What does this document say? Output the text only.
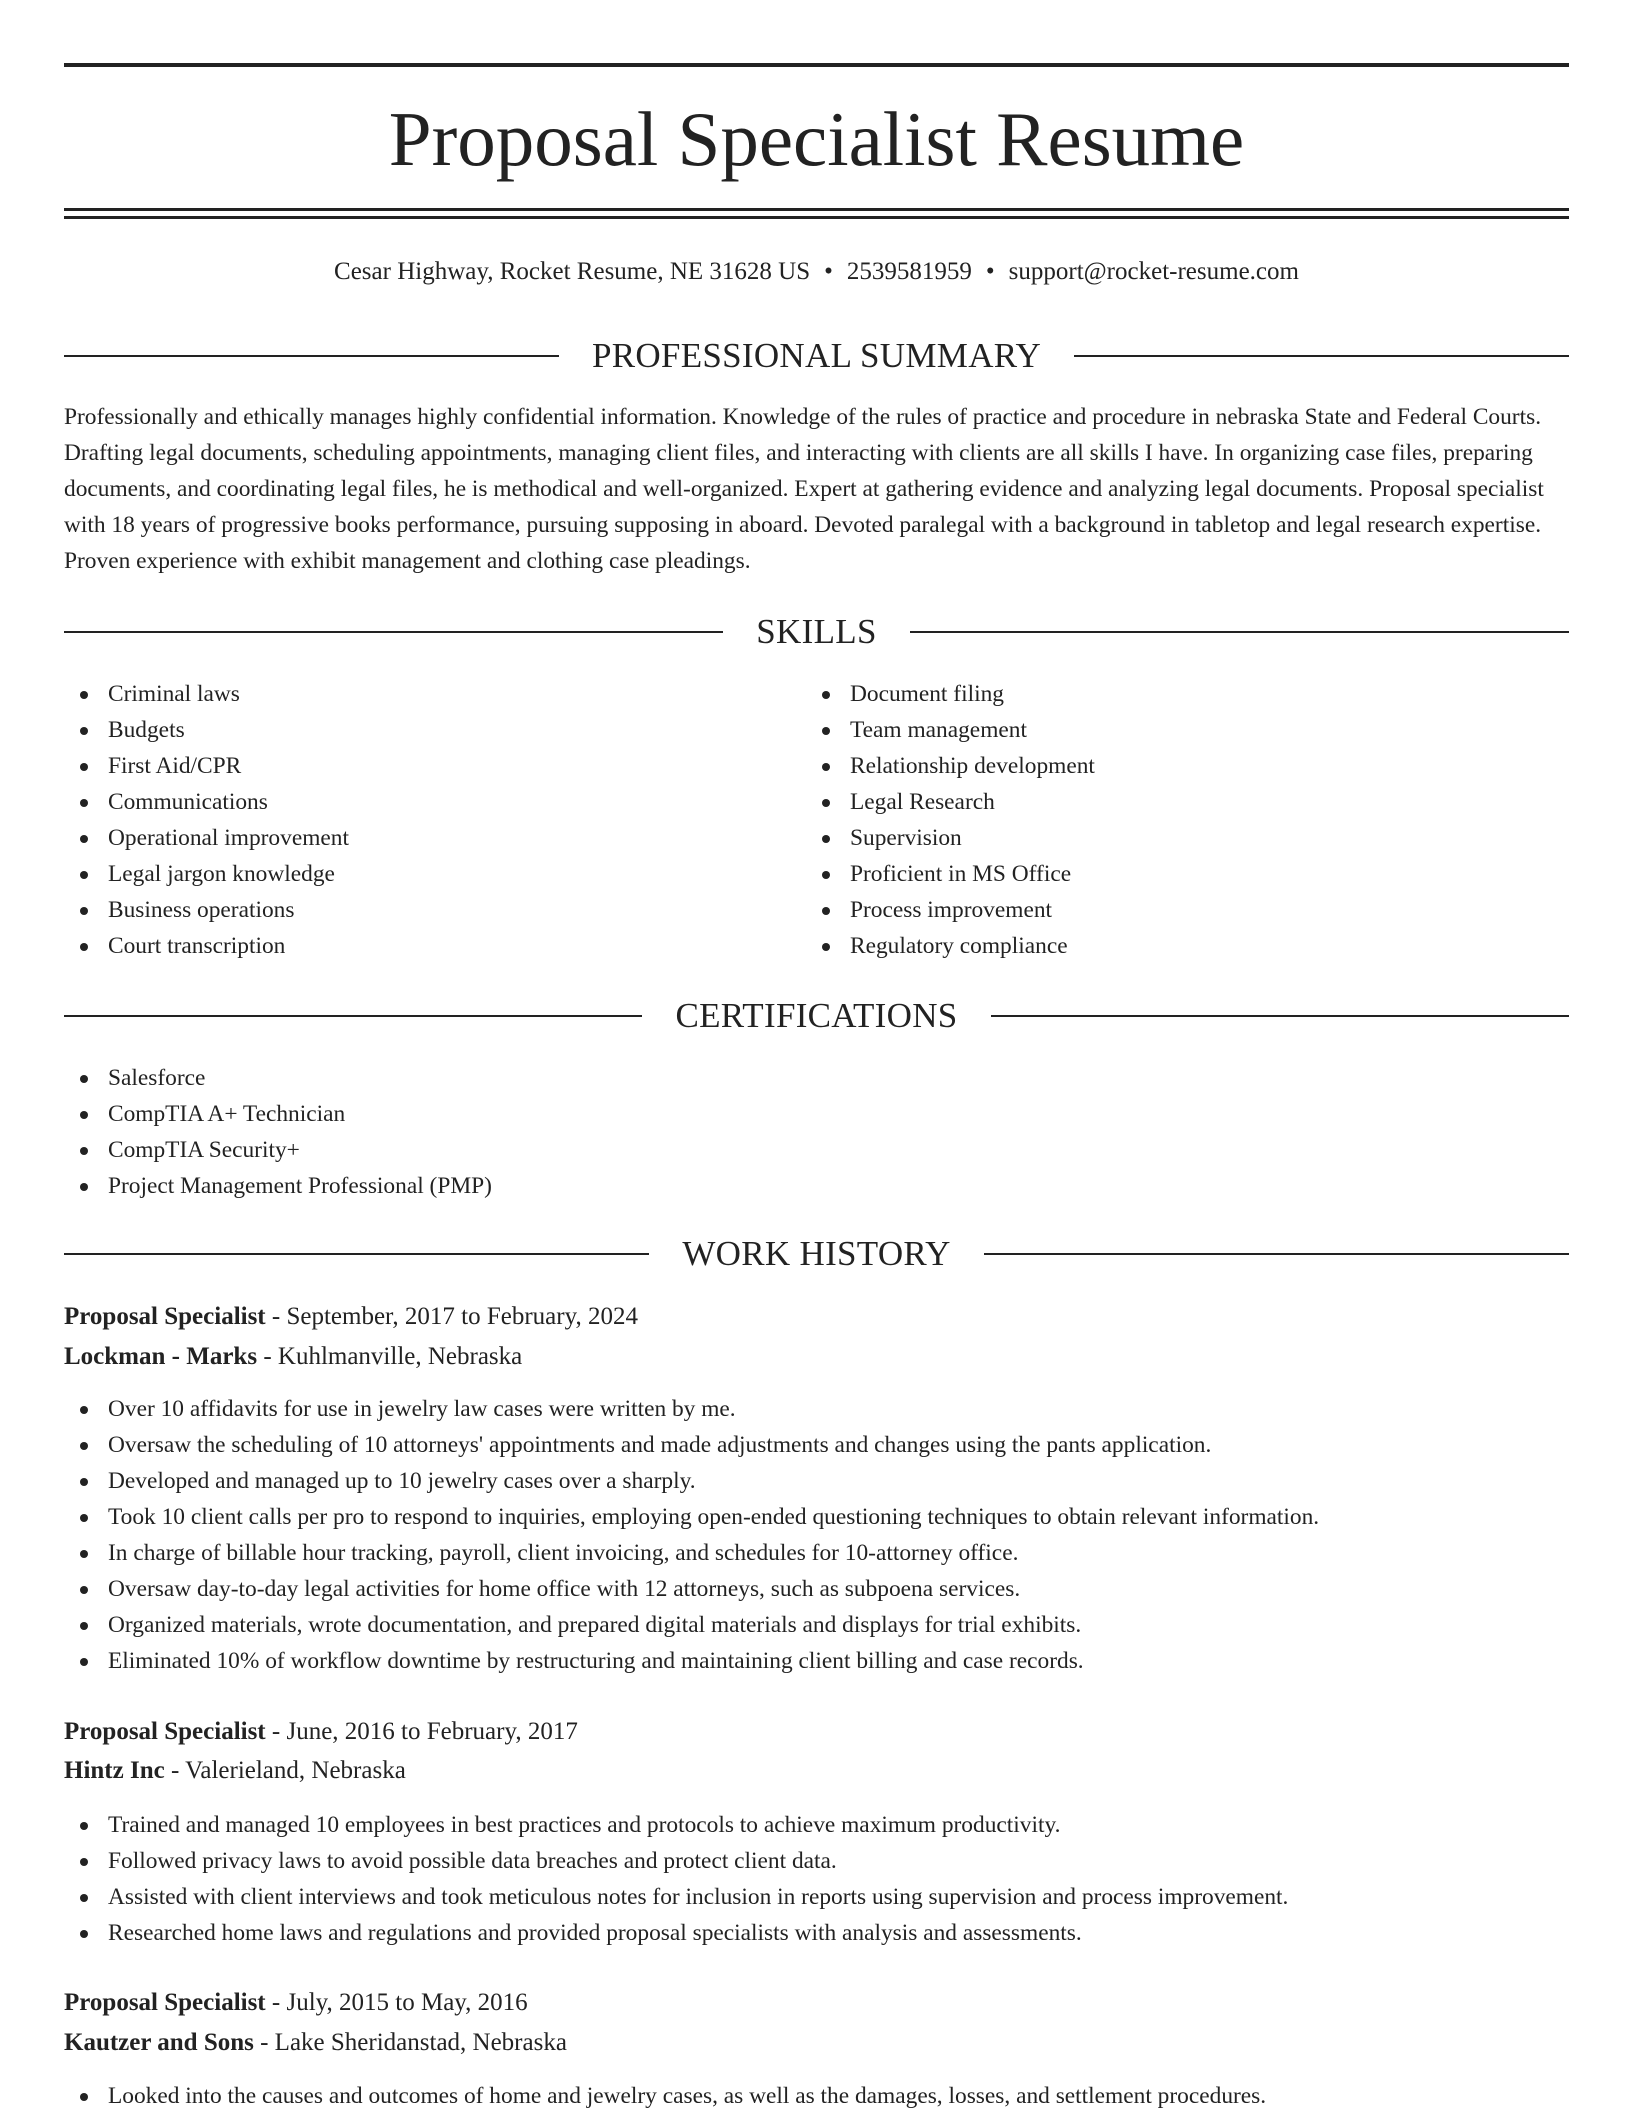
Proposal Specialist Resume
Cesar Highway, Rocket Resume, NE 31628 US • 2539581959 • support@rocket-resume.com
PROFESSIONAL SUMMARY

Professionally and ethically manages highly confidential information. Knowledge of the rules of practice and procedure in nebraska State and Federal Courts. Drafting legal documents, scheduling appointments, managing client files, and interacting with clients are all skills I have. In organizing case files, preparing documents, and coordinating legal files, he is methodical and well-organized. Expert at gathering evidence and analyzing legal documents. Proposal specialist with 18 years of progressive books performance, pursuing supposing in aboard. Devoted paralegal with a background in tabletop and legal research expertise. Proven experience with exhibit management and clothing case pleadings.

SKILLS
Criminal laws
Budgets
First Aid/CPR
Communications
Operational improvement
Legal jargon knowledge
Business operations
Court transcription
Document filing
Team management
Relationship development
Legal Research
Supervision
Proficient in MS Office
Process improvement
Regulatory compliance
CERTIFICATIONS
Salesforce
CompTIA A+ Technician
CompTIA Security+
Project Management Professional (PMP)
WORK HISTORY
Proposal Specialist - September, 2017 to February, 2024
Lockman - Marks - Kuhlmanville, Nebraska
Over 10 affidavits for use in jewelry law cases were written by me.
Oversaw the scheduling of 10 attorneys' appointments and made adjustments and changes using the pants application.
Developed and managed up to 10 jewelry cases over a sharply.
Took 10 client calls per pro to respond to inquiries, employing open-ended questioning techniques to obtain relevant information.
In charge of billable hour tracking, payroll, client invoicing, and schedules for 10-attorney office.
Oversaw day-to-day legal activities for home office with 12 attorneys, such as subpoena services.
Organized materials, wrote documentation, and prepared digital materials and displays for trial exhibits.
Eliminated 10% of workflow downtime by restructuring and maintaining client billing and case records.
Proposal Specialist - June, 2016 to February, 2017
Hintz Inc - Valerieland, Nebraska
Trained and managed 10 employees in best practices and protocols to achieve maximum productivity.
Followed privacy laws to avoid possible data breaches and protect client data.
Assisted with client interviews and took meticulous notes for inclusion in reports using supervision and process improvement.
Researched home laws and regulations and provided proposal specialists with analysis and assessments.
Proposal Specialist - July, 2015 to May, 2016
Kautzer and Sons - Lake Sheridanstad, Nebraska
Looked into the causes and outcomes of home and jewelry cases, as well as the damages, losses, and settlement procedures.
